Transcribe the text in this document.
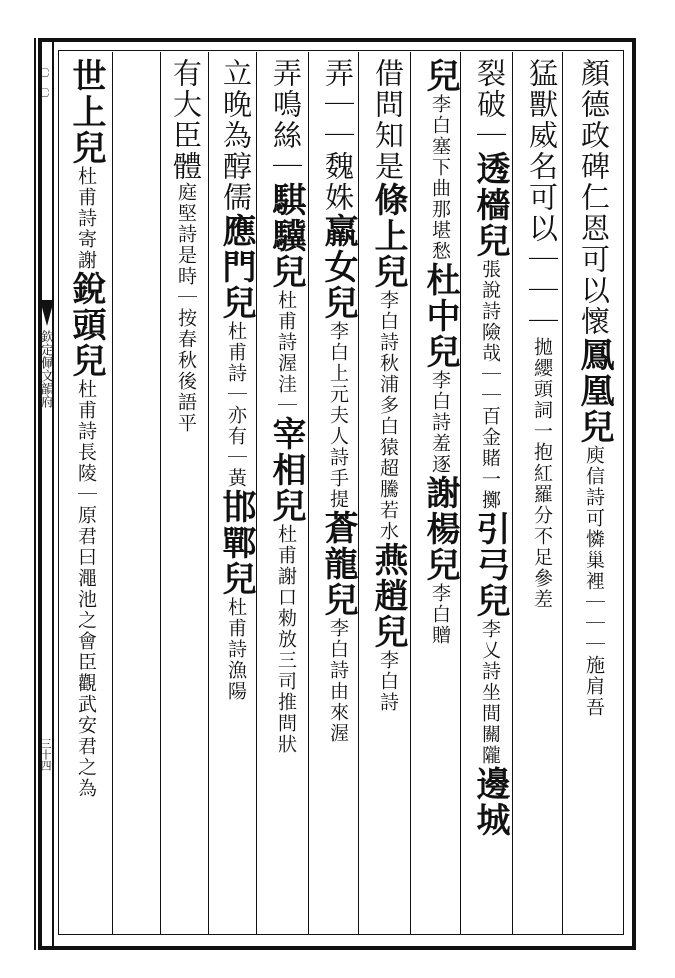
〔〕〔〕
欽定佩文韻府
三十四
顏德政碑仁恩可以懷鳳凰兒庾信詩可憐巢裡｜｜｜施肩吾
猛獸威名可以｜｜｜拋纓頭詞一抱紅羅分不足參差
裂破｜透檣兒張說詩險哉｜｜百金賭一擲引弓兒李乂詩坐間關隴邊城
兒李白塞下曲那堪愁杜中兒李白詩羞逐謝楊兒李白贈
借問知是條上兒李白詩秋浦多白猿超騰若水燕趙兒李白詩
弄｜｜魏姝羸女兒李白上元夫人詩手提蒼龍兒李白詩由來渥
弄鳴絲｜騏驥兒杜甫詩渥洼｜宰相兒杜甫謝口勑放三司推問狀
立晚為醇儒應門兒杜甫詩｜亦有｜黃邯鄲兒杜甫詩漁陽
有大臣體庭堅詩是時｜按春秋後語平
世上兒杜甫詩寄謝銳頭兒杜甫詩長陵｜原君曰澠池之會臣觀武安君之為
